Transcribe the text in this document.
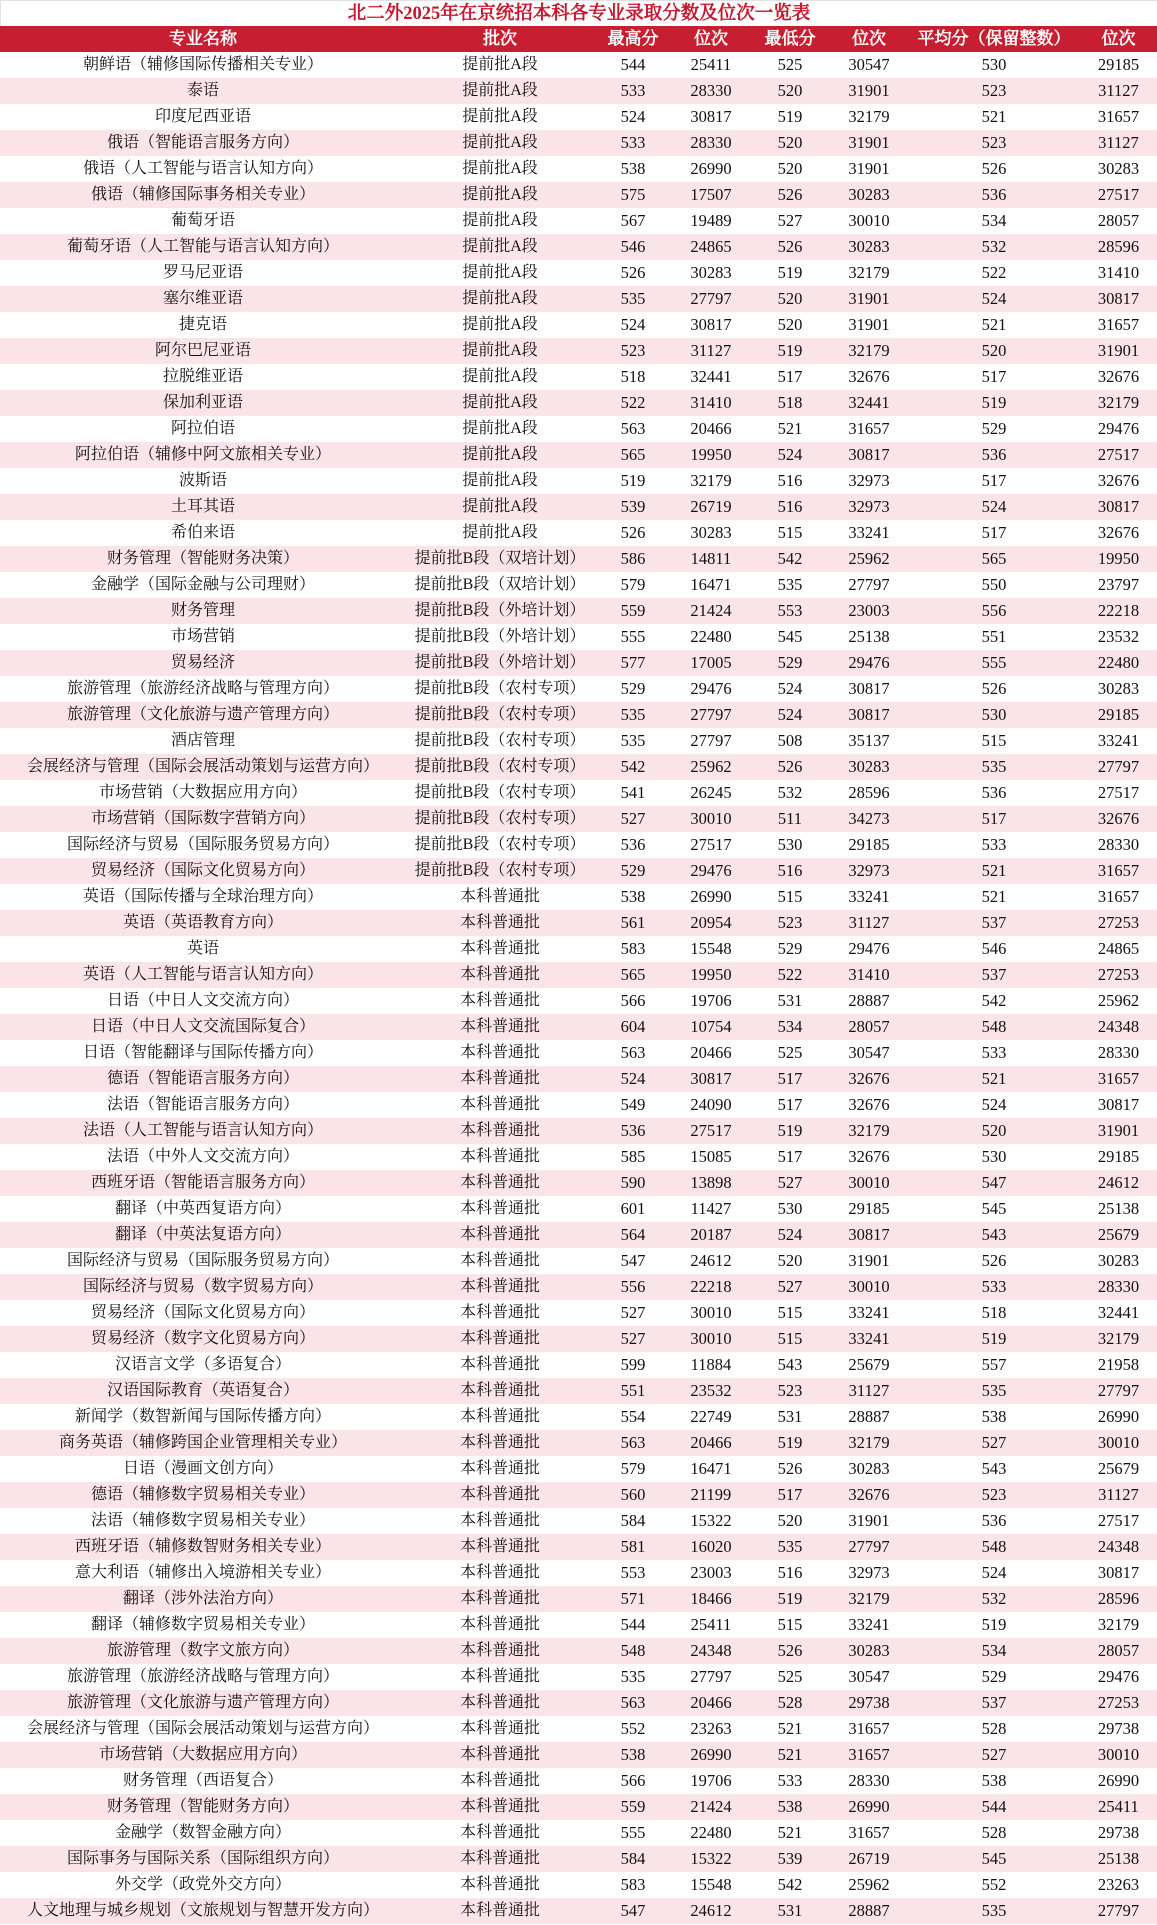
北二外2025年在京统招本科各专业录取分数及位次一览表
专业名称	批次	最高分	位次	最低分	位次	平均分（保留整数）	位次
朝鲜语（辅修国际传播相关专业）	提前批A段	544	25411	525	30547	530	29185
泰语	提前批A段	533	28330	520	31901	523	31127
印度尼西亚语	提前批A段	524	30817	519	32179	521	31657
俄语（智能语言服务方向）	提前批A段	533	28330	520	31901	523	31127
俄语（人工智能与语言认知方向）	提前批A段	538	26990	520	31901	526	30283
俄语（辅修国际事务相关专业）	提前批A段	575	17507	526	30283	536	27517
葡萄牙语	提前批A段	567	19489	527	30010	534	28057
葡萄牙语（人工智能与语言认知方向）	提前批A段	546	24865	526	30283	532	28596
罗马尼亚语	提前批A段	526	30283	519	32179	522	31410
塞尔维亚语	提前批A段	535	27797	520	31901	524	30817
捷克语	提前批A段	524	30817	520	31901	521	31657
阿尔巴尼亚语	提前批A段	523	31127	519	32179	520	31901
拉脱维亚语	提前批A段	518	32441	517	32676	517	32676
保加利亚语	提前批A段	522	31410	518	32441	519	32179
阿拉伯语	提前批A段	563	20466	521	31657	529	29476
阿拉伯语（辅修中阿文旅相关专业）	提前批A段	565	19950	524	30817	536	27517
波斯语	提前批A段	519	32179	516	32973	517	32676
土耳其语	提前批A段	539	26719	516	32973	524	30817
希伯来语	提前批A段	526	30283	515	33241	517	32676
财务管理（智能财务决策）	提前批B段（双培计划）	586	14811	542	25962	565	19950
金融学（国际金融与公司理财）	提前批B段（双培计划）	579	16471	535	27797	550	23797
财务管理	提前批B段（外培计划）	559	21424	553	23003	556	22218
市场营销	提前批B段（外培计划）	555	22480	545	25138	551	23532
贸易经济	提前批B段（外培计划）	577	17005	529	29476	555	22480
旅游管理（旅游经济战略与管理方向）	提前批B段（农村专项）	529	29476	524	30817	526	30283
旅游管理（文化旅游与遗产管理方向）	提前批B段（农村专项）	535	27797	524	30817	530	29185
酒店管理	提前批B段（农村专项）	535	27797	508	35137	515	33241
会展经济与管理（国际会展活动策划与运营方向）	提前批B段（农村专项）	542	25962	526	30283	535	27797
市场营销（大数据应用方向）	提前批B段（农村专项）	541	26245	532	28596	536	27517
市场营销（国际数字营销方向）	提前批B段（农村专项）	527	30010	511	34273	517	32676
国际经济与贸易（国际服务贸易方向）	提前批B段（农村专项）	536	27517	530	29185	533	28330
贸易经济（国际文化贸易方向）	提前批B段（农村专项）	529	29476	516	32973	521	31657
英语（国际传播与全球治理方向）	本科普通批	538	26990	515	33241	521	31657
英语（英语教育方向）	本科普通批	561	20954	523	31127	537	27253
英语	本科普通批	583	15548	529	29476	546	24865
英语（人工智能与语言认知方向）	本科普通批	565	19950	522	31410	537	27253
日语（中日人文交流方向）	本科普通批	566	19706	531	28887	542	25962
日语（中日人文交流国际复合）	本科普通批	604	10754	534	28057	548	24348
日语（智能翻译与国际传播方向）	本科普通批	563	20466	525	30547	533	28330
德语（智能语言服务方向）	本科普通批	524	30817	517	32676	521	31657
法语（智能语言服务方向）	本科普通批	549	24090	517	32676	524	30817
法语（人工智能与语言认知方向）	本科普通批	536	27517	519	32179	520	31901
法语（中外人文交流方向）	本科普通批	585	15085	517	32676	530	29185
西班牙语（智能语言服务方向）	本科普通批	590	13898	527	30010	547	24612
翻译（中英西复语方向）	本科普通批	601	11427	530	29185	545	25138
翻译（中英法复语方向）	本科普通批	564	20187	524	30817	543	25679
国际经济与贸易（国际服务贸易方向）	本科普通批	547	24612	520	31901	526	30283
国际经济与贸易（数字贸易方向）	本科普通批	556	22218	527	30010	533	28330
贸易经济（国际文化贸易方向）	本科普通批	527	30010	515	33241	518	32441
贸易经济（数字文化贸易方向）	本科普通批	527	30010	515	33241	519	32179
汉语言文学（多语复合）	本科普通批	599	11884	543	25679	557	21958
汉语国际教育（英语复合）	本科普通批	551	23532	523	31127	535	27797
新闻学（数智新闻与国际传播方向）	本科普通批	554	22749	531	28887	538	26990
商务英语（辅修跨国企业管理相关专业）	本科普通批	563	20466	519	32179	527	30010
日语（漫画文创方向）	本科普通批	579	16471	526	30283	543	25679
德语（辅修数字贸易相关专业）	本科普通批	560	21199	517	32676	523	31127
法语（辅修数字贸易相关专业）	本科普通批	584	15322	520	31901	536	27517
西班牙语（辅修数智财务相关专业）	本科普通批	581	16020	535	27797	548	24348
意大利语（辅修出入境游相关专业）	本科普通批	553	23003	516	32973	524	30817
翻译（涉外法治方向）	本科普通批	571	18466	519	32179	532	28596
翻译（辅修数字贸易相关专业）	本科普通批	544	25411	515	33241	519	32179
旅游管理（数字文旅方向）	本科普通批	548	24348	526	30283	534	28057
旅游管理（旅游经济战略与管理方向）	本科普通批	535	27797	525	30547	529	29476
旅游管理（文化旅游与遗产管理方向）	本科普通批	563	20466	528	29738	537	27253
会展经济与管理（国际会展活动策划与运营方向）	本科普通批	552	23263	521	31657	528	29738
市场营销（大数据应用方向）	本科普通批	538	26990	521	31657	527	30010
财务管理（西语复合）	本科普通批	566	19706	533	28330	538	26990
财务管理（智能财务方向）	本科普通批	559	21424	538	26990	544	25411
金融学（数智金融方向）	本科普通批	555	22480	521	31657	528	29738
国际事务与国际关系（国际组织方向）	本科普通批	584	15322	539	26719	545	25138
外交学（政党外交方向）	本科普通批	583	15548	542	25962	552	23263
人文地理与城乡规划（文旅规划与智慧开发方向）	本科普通批	547	24612	531	28887	535	27797
